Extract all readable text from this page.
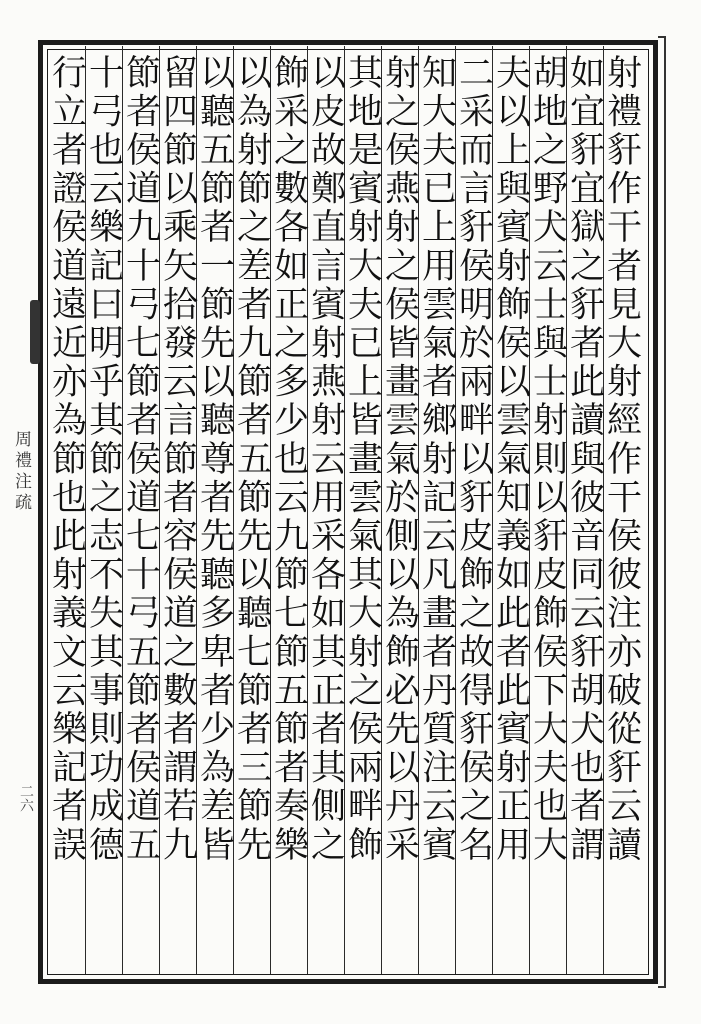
周禮注疏
二六	射禮豻作干者見大射經作干侯彼注亦破從豻云讀
如宜豻宜獄之豻者此讀與彼音同云豻胡犬也者謂
胡地之野犬云士與士射則以豻皮飾侯下大夫也大
夫以上與賓射飾侯以雲氣知義如此者此賓射正用
二采而言豻侯明於兩畔以豻皮飾之故得豻侯之名
知大夫已上用雲氣者鄉射記云凡畫者丹質注云賓
射之侯燕射之侯皆畫雲氣於側以為飾必先以丹采
其地是賓射大夫已上皆畫雲氣其大射之侯兩畔飾
以皮故鄭直言賓射燕射云用采各如其正者其側之
飾采之數各如正之多少也云九節七節五節者奏樂
以為射節之差者九節者五節先以聽七節者三節先
以聽五節者一節先以聽尊者先聽多卑者少為差皆
留四節以乘矢拾發云言節者容侯道之數者謂若九
節者侯道九十弓七節者侯道七十弓五節者侯道五
十弓也云樂記曰明乎其節之志不失其事則功成德
行立者證侯道遠近亦為節也此射義文云樂記者誤
